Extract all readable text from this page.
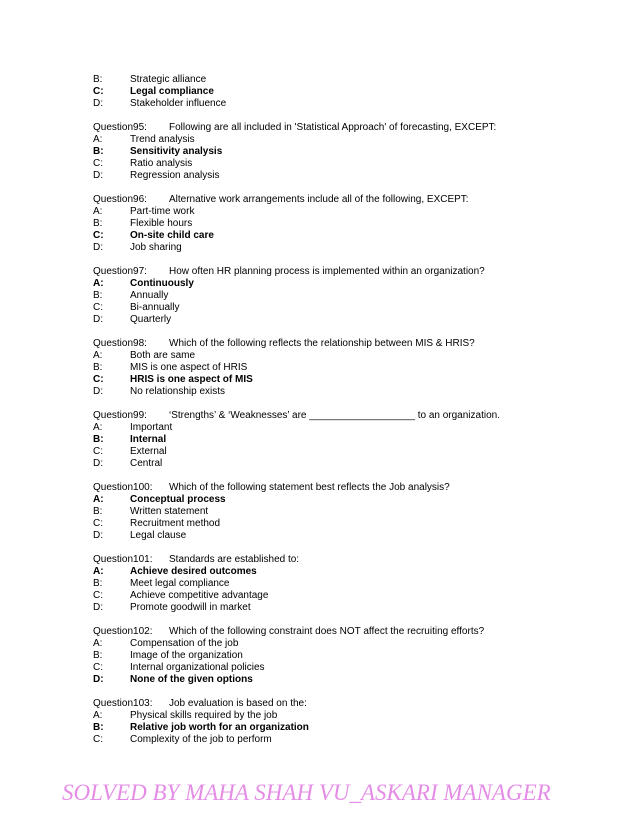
B:	Strategic alliance
C:	Legal compliance
D:	Stakeholder influence
Question95:	Following are all included in 'Statistical Approach' of forecasting, EXCEPT:
A:	Trend analysis
B:	Sensitivity analysis
C:	Ratio analysis
D:	Regression analysis
Question96:	Alternative work arrangements include all of the following, EXCEPT:
A:	Part-time work
B:	Flexible hours
C:	On-site child care
D:	Job sharing
Question97:	How often HR planning process is implemented within an organization?
A:	Continuously
B:	Annually
C:	Bi-annually
D:	Quarterly
Question98:	Which of the following reflects the relationship between MIS & HRIS?
A:	Both are same
B:	MIS is one aspect of HRIS
C:	HRIS is one aspect of MIS
D:	No relationship exists
Question99:	‘Strengths’ & ‘Weaknesses’ are ___________________ to an organization.
A:	Important
B:	Internal
C:	External
D:	Central
Question100:	Which of the following statement best reflects the Job analysis?
A:	Conceptual process
B:	Written statement
C:	Recruitment method
D:	Legal clause
Question101:	Standards are established to:
A:	Achieve desired outcomes
B:	Meet legal compliance
C:	Achieve competitive advantage
D:	Promote goodwill in market
Question102:	Which of the following constraint does NOT affect the recruiting efforts?
A:	Compensation of the job
B:	Image of the organization
C:	Internal organizational policies
D:	None of the given options
Question103:	Job evaluation is based on the:
A:	Physical skills required by the job
B:	Relative job worth for an organization
C:	Complexity of the job to perform
SOLVED BY MAHA SHAH VU_ASKARI MANAGER
